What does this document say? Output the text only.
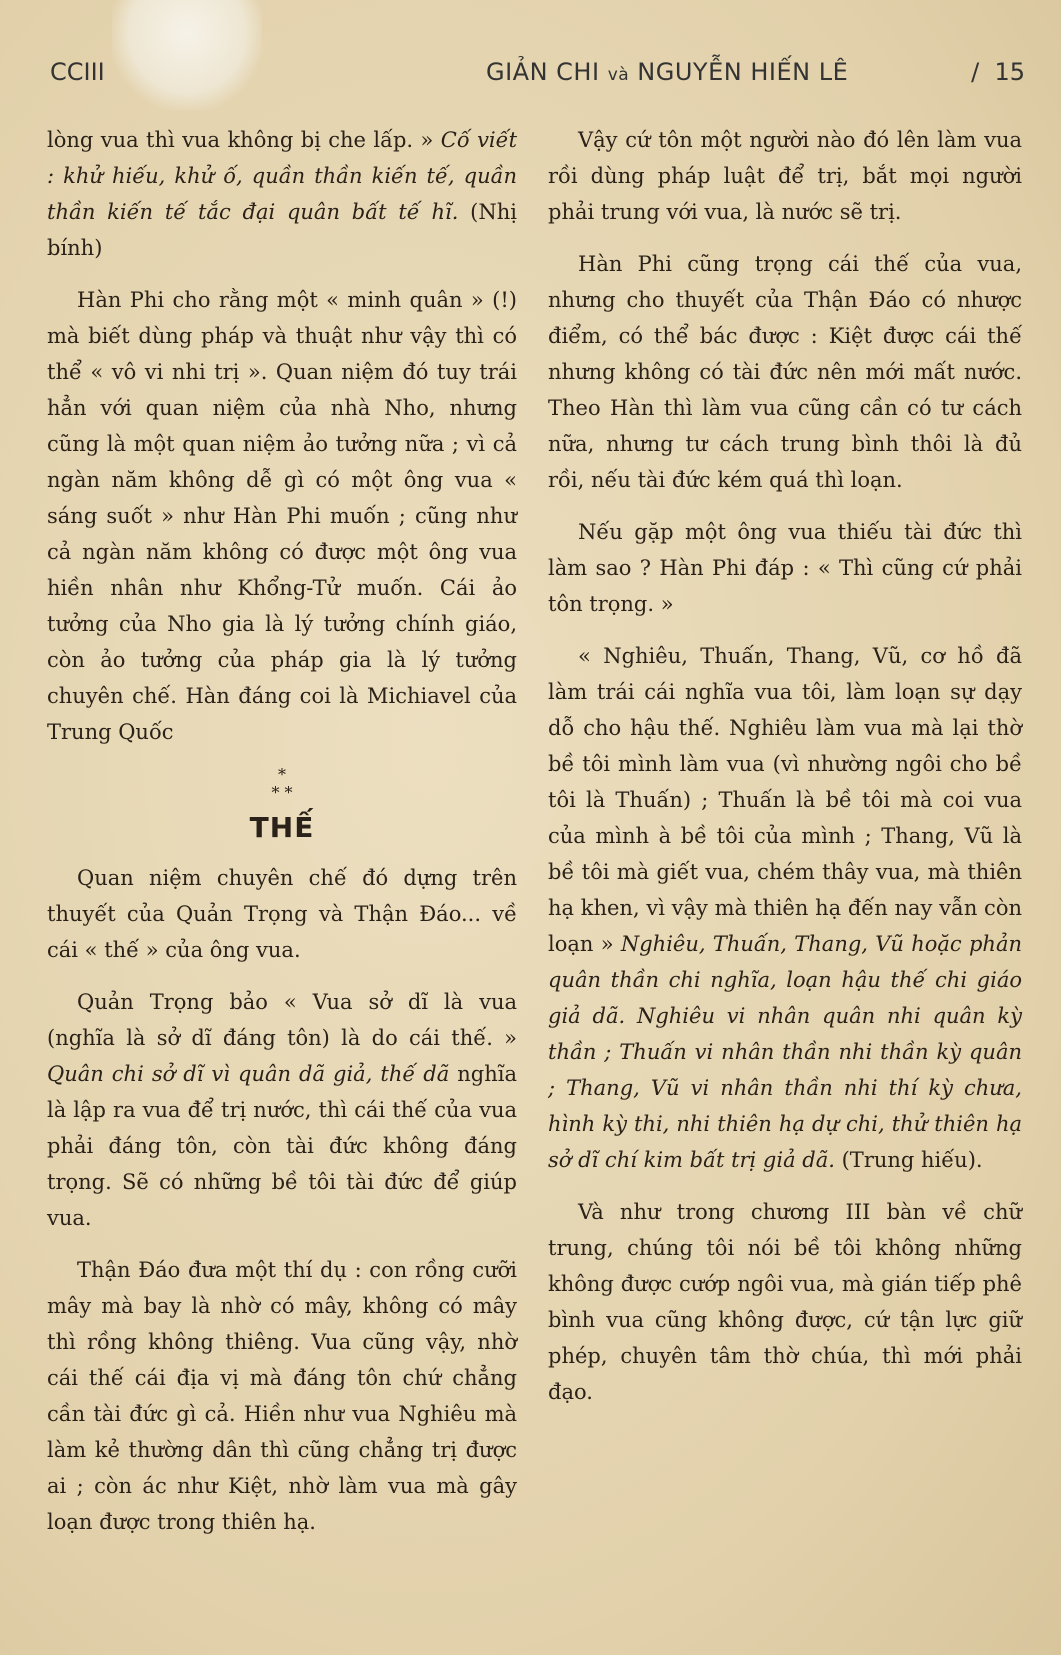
CCIII	GIẢN CHI và NGUYỄN HIẾN LÊ	/ 15

lòng vua thì vua không bị che lấp. » Cố viết : khử hiếu, khử ố, quần thần kiến tế, quần thần kiến tế tắc đại quân bất tế hĩ. (Nhị bính)

Hàn Phi cho rằng một « minh quân » (!) mà biết dùng pháp và thuật như vậy thì có thể « vô vi nhi trị ». Quan niệm đó tuy trái hẳn với quan niệm của nhà Nho, nhưng cũng là một quan niệm ảo tưởng nữa ; vì cả ngàn năm không dễ gì có một ông vua « sáng suốt » như Hàn Phi muốn ; cũng như cả ngàn năm không có được một ông vua hiền nhân như Khổng-Tử muốn. Cái ảo tưởng của Nho gia là lý tưởng chính giáo, còn ảo tưởng của pháp gia là lý tưởng chuyên chế. Hàn đáng coi là Michiavel của Trung Quốc

*
* *
THẾ

Quan niệm chuyên chế đó dựng trên thuyết của Quản Trọng và Thận Đáo... về cái « thế » của ông vua.

Quản Trọng bảo « Vua sở dĩ là vua (nghĩa là sở dĩ đáng tôn) là do cái thế. » Quân chi sở dĩ vì quân dã giả, thế dã nghĩa là lập ra vua để trị nước, thì cái thế của vua phải đáng tôn, còn tài đức không đáng trọng. Sẽ có những bề tôi tài đức để giúp vua.

Thận Đáo đưa một thí dụ : con rồng cưỡi mây mà bay là nhờ có mây, không có mây thì rồng không thiêng. Vua cũng vậy, nhờ cái thế cái địa vị mà đáng tôn chứ chẳng cần tài đức gì cả. Hiền như vua Nghiêu mà làm kẻ thường dân thì cũng chẳng trị được ai ; còn ác như Kiệt, nhờ làm vua mà gây loạn được trong thiên hạ.

Vậy cứ tôn một người nào đó lên làm vua rồi dùng pháp luật để trị, bắt mọi người phải trung với vua, là nước sẽ trị.

Hàn Phi cũng trọng cái thế của vua, nhưng cho thuyết của Thận Đáo có nhược điểm, có thể bác được : Kiệt được cái thế nhưng không có tài đức nên mới mất nước. Theo Hàn thì làm vua cũng cần có tư cách nữa, nhưng tư cách trung bình thôi là đủ rồi, nếu tài đức kém quá thì loạn.

Nếu gặp một ông vua thiếu tài đức thì làm sao ? Hàn Phi đáp : « Thì cũng cứ phải tôn trọng. »

« Nghiêu, Thuấn, Thang, Vũ, cơ hồ đã làm trái cái nghĩa vua tôi, làm loạn sự dạy dỗ cho hậu thế. Nghiêu làm vua mà lại thờ bề tôi mình làm vua (vì nhường ngôi cho bề tôi là Thuấn) ; Thuấn là bề tôi mà coi vua của mình à bề tôi của mình ; Thang, Vũ là bề tôi mà giết vua, chém thây vua, mà thiên hạ khen, vì vậy mà thiên hạ đến nay vẫn còn loạn » Nghiêu, Thuấn, Thang, Vũ hoặc phản quân thần chi nghĩa, loạn hậu thế chi giáo giả dã. Nghiêu vi nhân quân nhi quân kỳ thần ; Thuấn vi nhân thần nhi thần kỳ quân ; Thang, Vũ vi nhân thần nhi thí kỳ chưa, hình kỳ thi, nhi thiên hạ dự chi, thử thiên hạ sở dĩ chí kim bất trị giả dã. (Trung hiếu).

Và như trong chương III bàn về chữ trung, chúng tôi nói bề tôi không những không được cướp ngôi vua, mà gián tiếp phê bình vua cũng không được, cứ tận lực giữ phép, chuyên tâm thờ chúa, thì mới phải đạo.
